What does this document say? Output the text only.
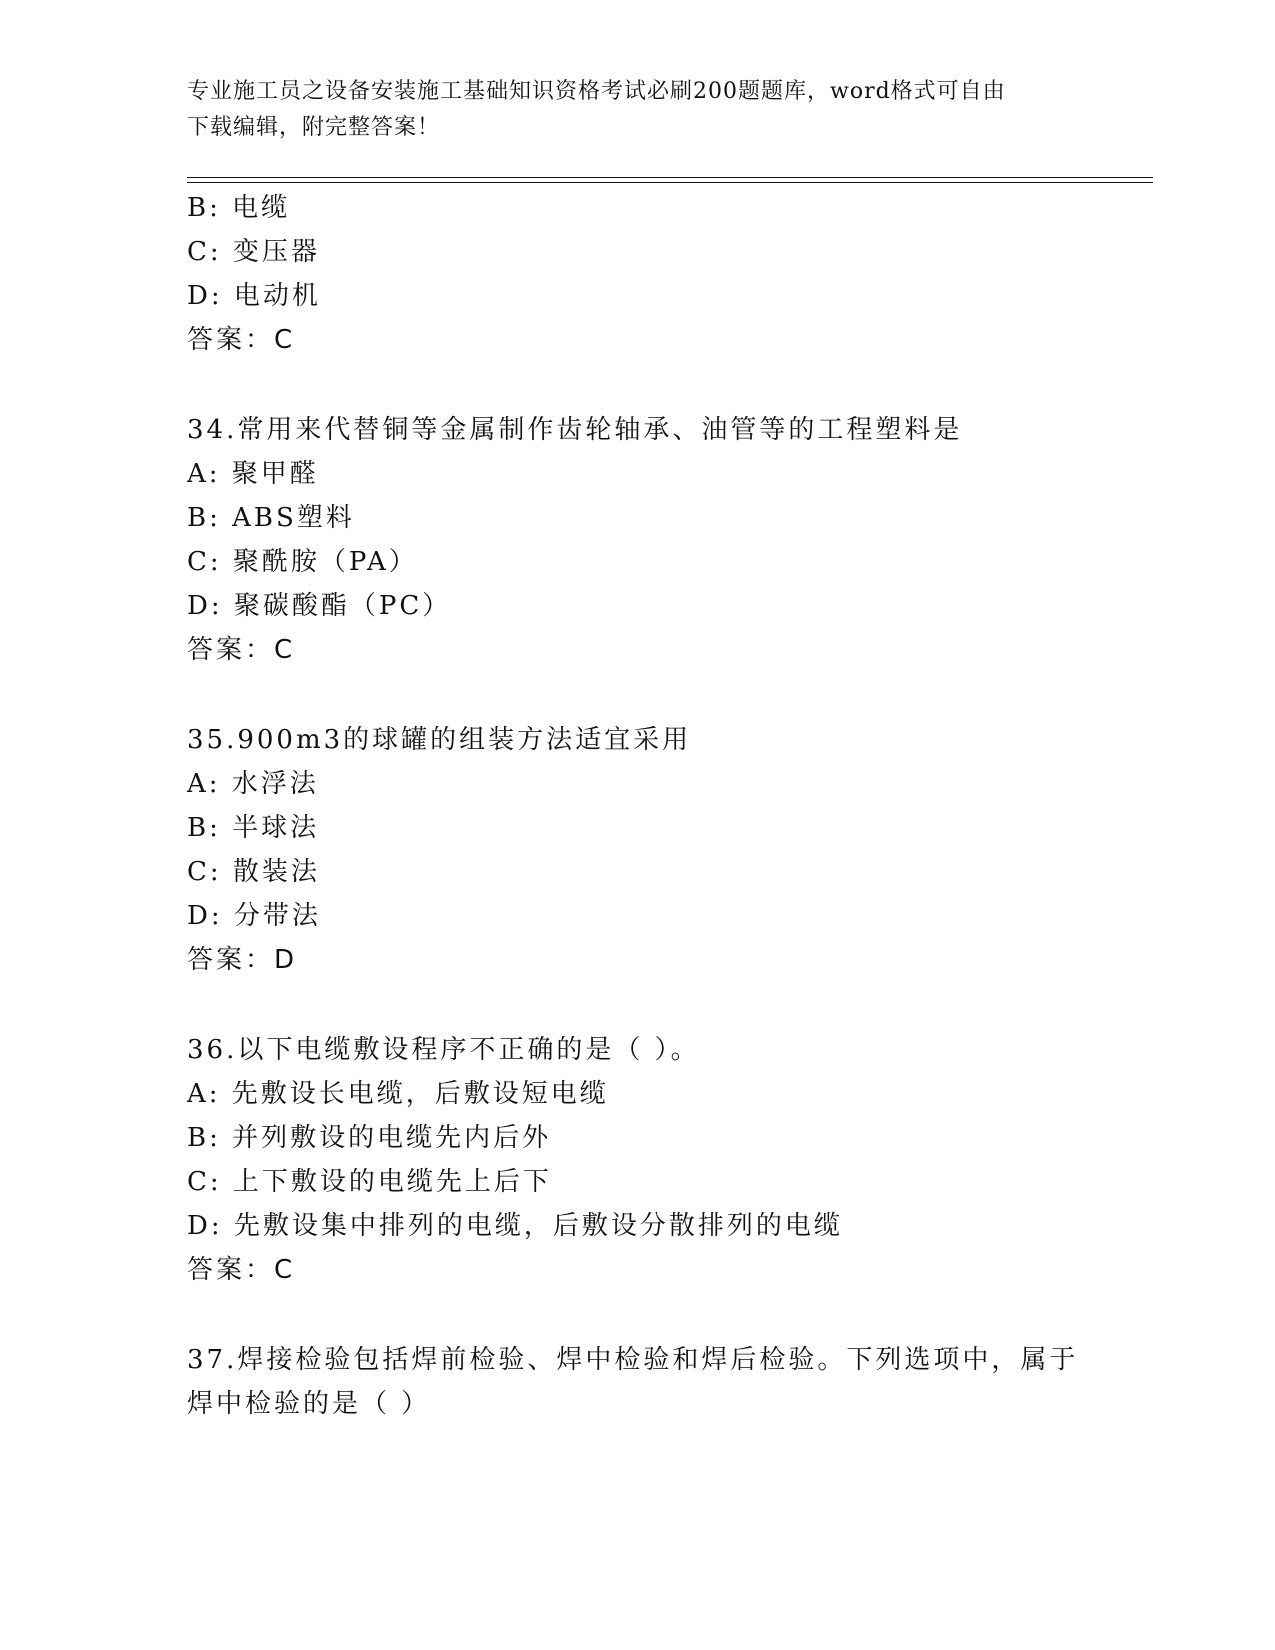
专业施工员之设备安装施工基础知识资格考试必刷200题题库，word格式可自由
下载编辑，附完整答案！
B: 电缆
C: 变压器
D: 电动机
答案：C
34.常用来代替铜等金属制作齿轮轴承、油管等的工程塑料是
A: 聚甲醛
B: ABS塑料
C: 聚酰胺（PA）
D: 聚碳酸酯（PC）
答案：C
35.900m3的球罐的组装方法适宜采用
A: 水浮法
B: 半球法
C: 散装法
D: 分带法
答案：D
36.以下电缆敷设程序不正确的是（ ）。
A: 先敷设长电缆，后敷设短电缆
B: 并列敷设的电缆先内后外
C: 上下敷设的电缆先上后下
D: 先敷设集中排列的电缆，后敷设分散排列的电缆
答案：C
37.焊接检验包括焊前检验、焊中检验和焊后检验。下列选项中，属于
焊中检验的是（ ）
